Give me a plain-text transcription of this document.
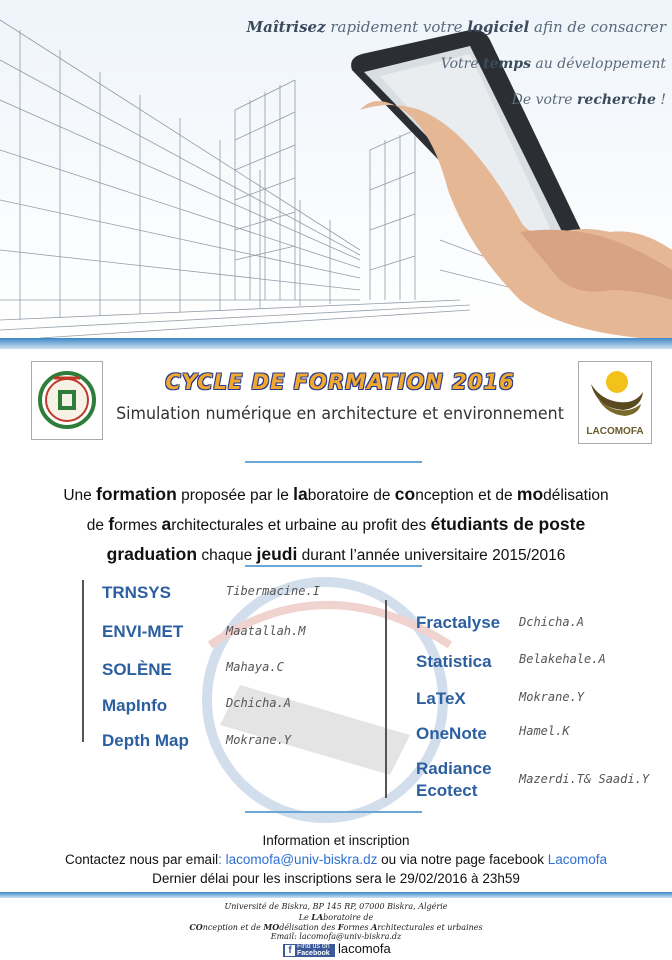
Maîtrisez rapidement votre logiciel afin de consacrer
Votre temps au développement
De votre recherche !
LACOMOFA
CYCLE DE FORMATION 2016
Simulation numérique en architecture et environnement
Une formation proposée par le laboratoire de conception et de modélisation
de formes architecturales et urbaine au profit des étudiants de poste
graduation chaque jeudi durant l’année universitaire 2015/2016
TRNSYS	Tibermacine.I
ENVI-MET	Maatallah.M
SOLÈNE	Mahaya.C
MapInfo	Dchicha.A
Depth Map	Mokrane.Y
Fractalyse Dchicha.A
Statistica Belakehale.A
LaTeX	Mokrane.Y
OneNote	Hamel.K
Radiance
Ecotect
Mazerdi.T& Saadi.Y
Information et inscription
Contactez nous par email: lacomofa@univ-biskra.dz ou via notre page facebook Lacomofa
Dernier délai pour les inscriptions sera le 29/02/2016 à 23h59
Université de Biskra, BP 145 RP, 07000 Biskra, Algérie
Le LAboratoire de
COnception et de MOdélisation des Formes Architecturales et urbaines
Email: lacomofa@univ-biskra.dz
f Find us on
Facebook lacomofa
